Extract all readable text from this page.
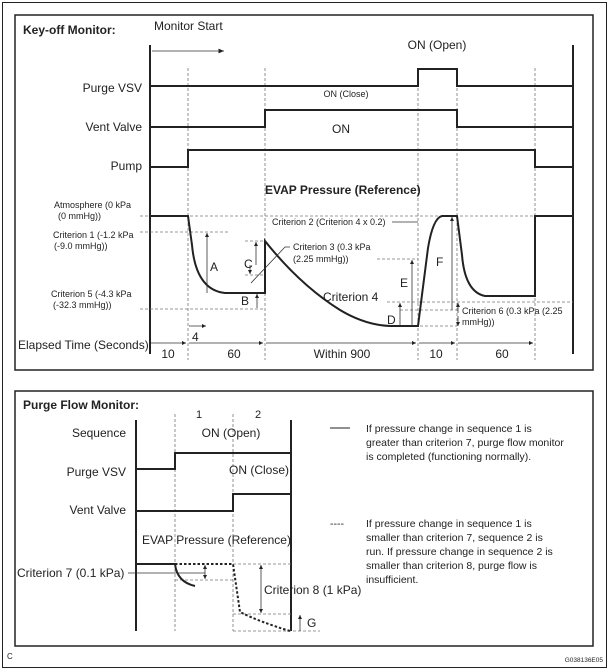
Key-off Monitor:	Monitor Start
Purge VSV
Vent Valve
Pump
ON (Open)
ON (Close)
ON
EVAP Pressure (Reference)
Atmosphere (0 kPa
(0 mmHg))
Criterion 1 (-1.2 kPa
(-9.0 mmHg))
Criterion 5 (-4.3 kPa
(-32.3 mmHg))
A
B
C
Criterion 3 (0.3 kPa
(2.25 mmHg))
Criterion 2 (Criterion 4 x 0.2)
Criterion 4
D
E
F
Criterion 6 (0.3 kPa (2.25
mmHg))
4
Elapsed Time (Seconds)
10	60	Within 900	10	60
Purge Flow Monitor:
1	2
Sequence
Purge VSV
Vent Valve
ON (Open)
ON (Close)
EVAP Pressure (Reference)
Criterion 7 (0.1 kPa)
Criterion 8 (1 kPa)
G
If pressure change in sequence 1 is
greater than criterion 7, purge flow monitor
is completed (functioning normally).
---- If pressure change in sequence 1 is
smaller than criterion 7, sequence 2 is
run. If pressure change in sequence 2 is
smaller than criterion 8, purge flow is
insufficient.
C	G038136E05
